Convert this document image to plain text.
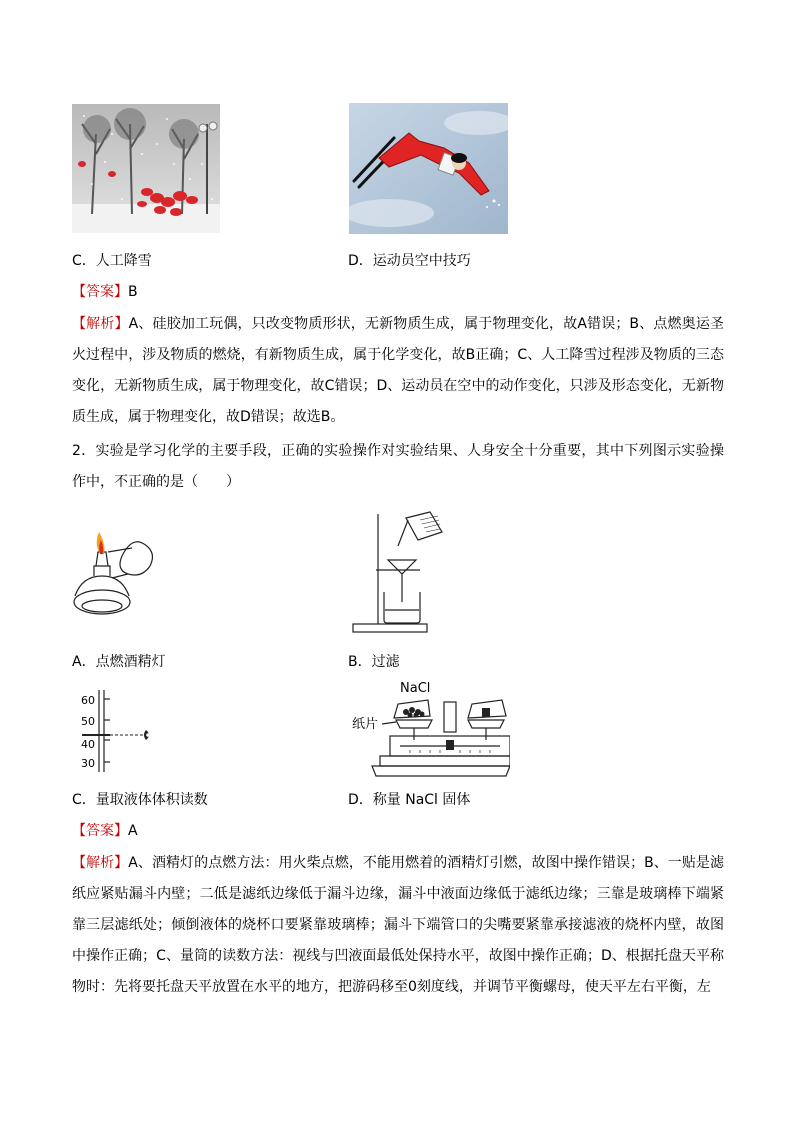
C．人工降雪	D．运动员空中技巧
【答案】B
【解析】A、硅胶加工玩偶，只改变物质形状，无新物质生成，属于物理变化，故A错误；B、点燃奥运圣火过程中，涉及物质的燃烧，有新物质生成，属于化学变化，故B正确；C、人工降雪过程涉及物质的三态变化，无新物质生成，属于物理变化，故C错误；D、运动员在空中的动作变化，只涉及形态变化，无新物质生成，属于物理变化，故D错误；故选B。
2．实验是学习化学的主要手段，正确的实验操作对实验结果、人身安全十分重要，其中下列图示实验操作中，不正确的是（　　）
A．点燃酒精灯	B．过滤
60
50
40
30
NaCl
纸片
C．量取液体体积读数	D．称量 NaCl 固体
【答案】A
【解析】A、酒精灯的点燃方法：用火柴点燃，不能用燃着的酒精灯引燃，故图中操作错误；B、一贴是滤纸应紧贴漏斗内壁；二低是滤纸边缘低于漏斗边缘，漏斗中液面边缘低于滤纸边缘；三靠是玻璃棒下端紧靠三层滤纸处；倾倒液体的烧杯口要紧靠玻璃棒；漏斗下端管口的尖嘴要紧靠承接滤液的烧杯内壁，故图中操作正确；C、量筒的读数方法：视线与凹液面最低处保持水平，故图中操作正确；D、根据托盘天平称物时：先将要托盘天平放置在水平的地方，把游码移至0刻度线，并调节平衡螺母，使天平左右平衡，左
